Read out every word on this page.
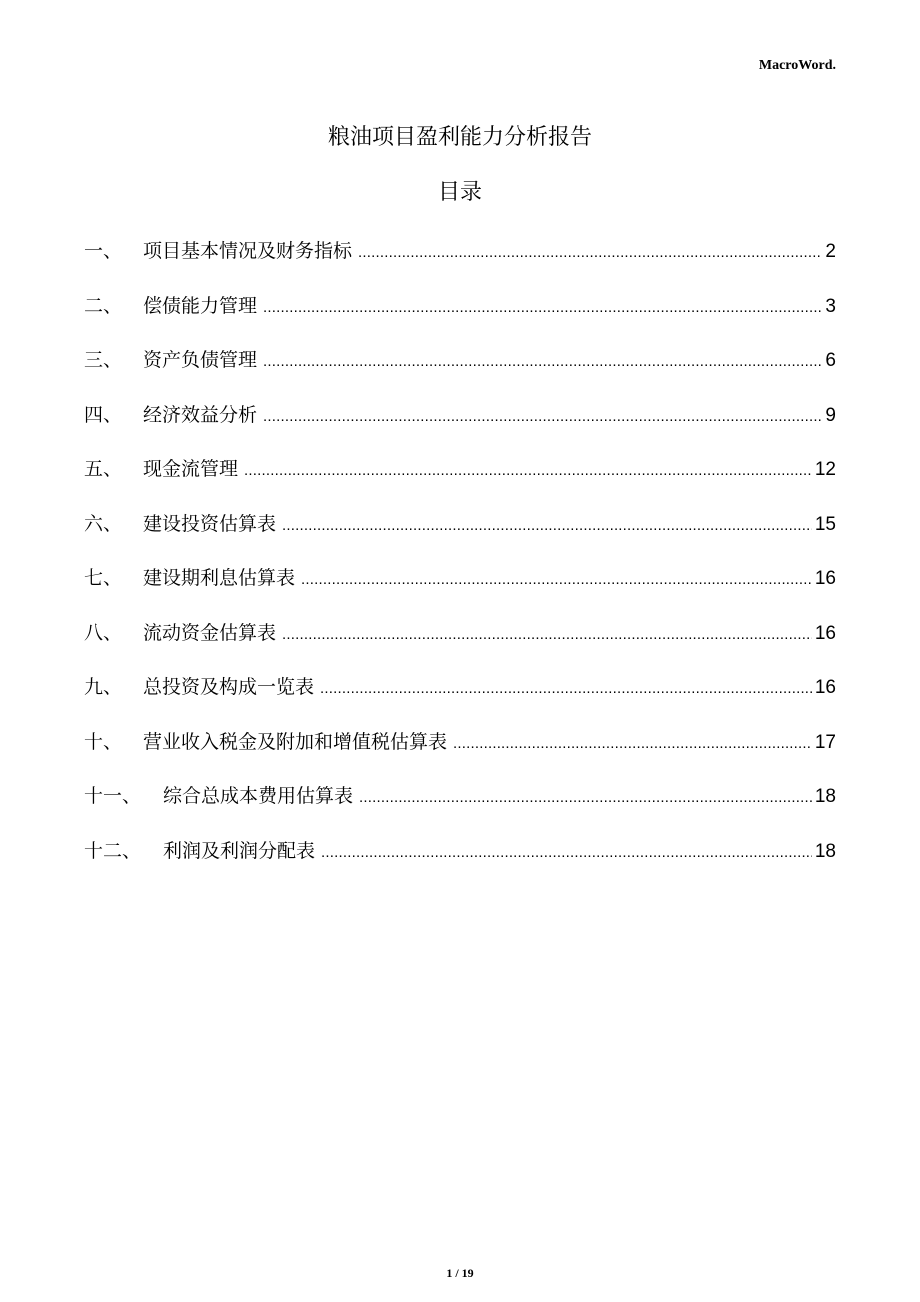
MacroWord.
粮油项目盈利能力分析报告
目录
一、	项目基本情况及财务指标 .....	2
二、	偿债能力管理 .....	3
三、	资产负债管理 .....	6
四、	经济效益分析 .....	9
五、	现金流管理 .....	12
六、	建设投资估算表 .....	15
七、	建设期利息估算表 .....	16
八、	流动资金估算表 .....	16
九、	总投资及构成一览表 .....	16
十、	营业收入税金及附加和增值税估算表 .....	17
十一、	综合总成本费用估算表 .....	18
十二、	利润及利润分配表 .....	18
1 / 19
